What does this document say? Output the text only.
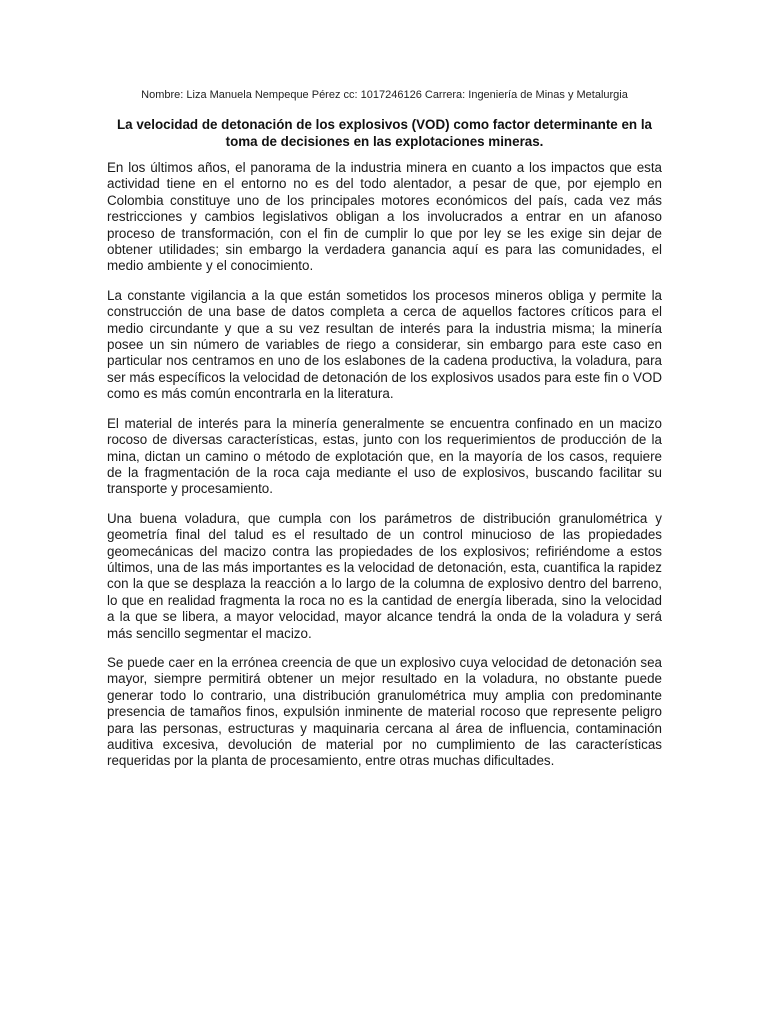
Nombre: Liza Manuela Nempeque Pérez cc: 1017246126 Carrera: Ingeniería de Minas y Metalurgia
La velocidad de detonación de los explosivos (VOD) como factor determinante en la toma de decisiones en las explotaciones mineras.

En los últimos años, el panorama de la industria minera en cuanto a los impactos que esta actividad tiene en el entorno no es del todo alentador, a pesar de que, por ejemplo en Colombia constituye uno de los principales motores económicos del país, cada vez más restricciones y cambios legislativos obligan a los involucrados a entrar en un afanoso proceso de transformación, con el fin de cumplir lo que por ley se les exige sin dejar de obtener utilidades; sin embargo la verdadera ganancia aquí es para las comunidades, el medio ambiente y el conocimiento.

La constante vigilancia a la que están sometidos los procesos mineros obliga y permite la construcción de una base de datos completa a cerca de aquellos factores críticos para el medio circundante y que a su vez resultan de interés para la industria misma; la minería posee un sin número de variables de riego a considerar, sin embargo para este caso en particular nos centramos en uno de los eslabones de la cadena productiva, la voladura, para ser más específicos la velocidad de detonación de los explosivos usados para este fin o VOD como es más común encontrarla en la literatura.

El material de interés para la minería generalmente se encuentra confinado en un macizo rocoso de diversas características, estas, junto con los requerimientos de producción de la mina, dictan un camino o método de explotación que, en la mayoría de los casos, requiere de la fragmentación de la roca caja mediante el uso de explosivos, buscando facilitar su transporte y procesamiento.

Una buena voladura, que cumpla con los parámetros de distribución granulométrica y geometría final del talud es el resultado de un control minucioso de las propiedades geomecánicas del macizo contra las propiedades de los explosivos; refiriéndome a estos últimos, una de las más importantes es la velocidad de detonación, esta, cuantifica la rapidez con la que se desplaza la reacción a lo largo de la columna de explosivo dentro del barreno, lo que en realidad fragmenta la roca no es la cantidad de energía liberada, sino la velocidad a la que se libera, a mayor velocidad, mayor alcance tendrá la onda de la voladura y será más sencillo segmentar el macizo.

Se puede caer en la errónea creencia de que un explosivo cuya velocidad de detonación sea mayor, siempre permitirá obtener un mejor resultado en la voladura, no obstante puede generar todo lo contrario, una distribución granulométrica muy amplia con predominante presencia de tamaños finos, expulsión inminente de material rocoso que represente peligro para las personas, estructuras y maquinaria cercana al área de influencia, contaminación auditiva excesiva, devolución de material por no cumplimiento de las características requeridas por la planta de procesamiento, entre otras muchas dificultades.
